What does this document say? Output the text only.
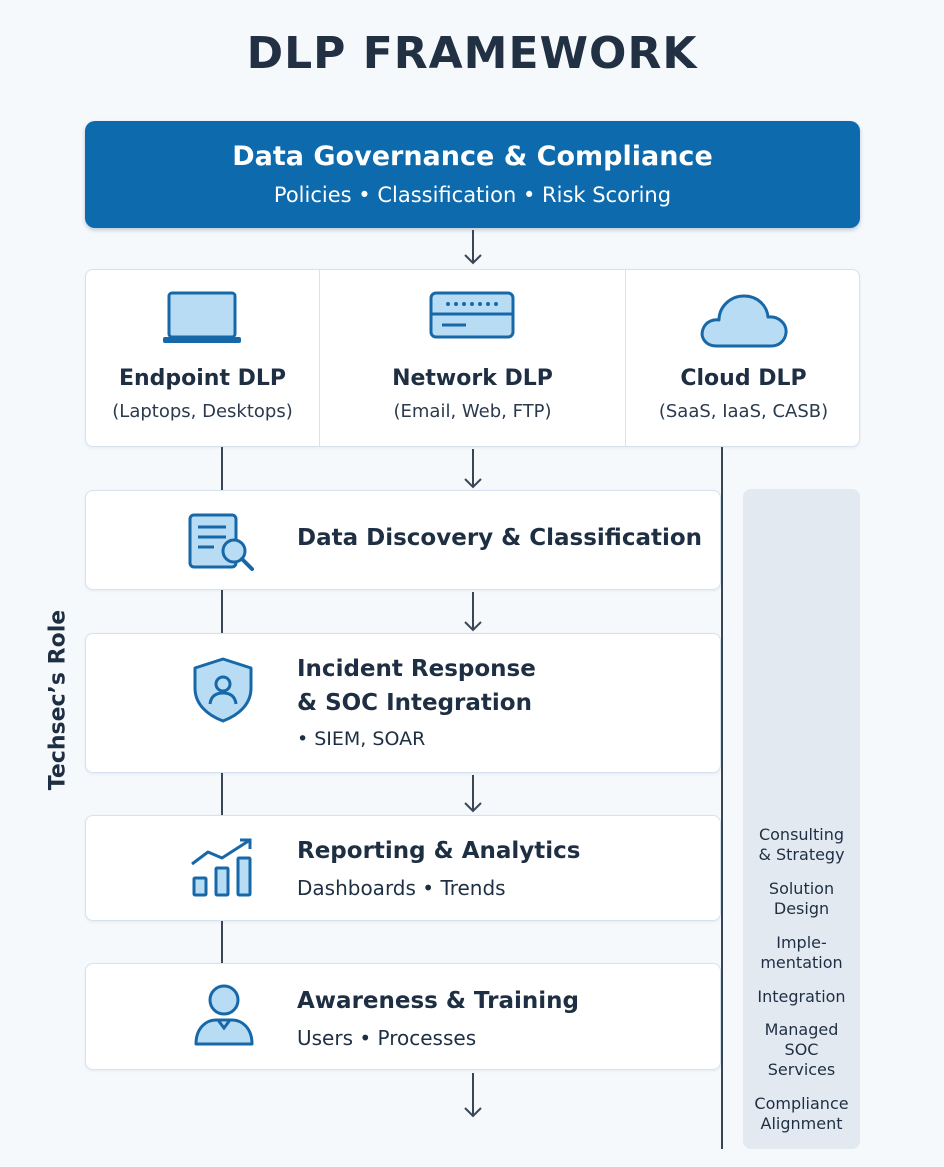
DLP FRAMEWORK
Data Governance & Compliance
Policies • Classification • Risk Scoring
Endpoint DLP
(Laptops, Desktops)
Network DLP
(Email, Web, FTP)
Cloud DLP
(SaaS, IaaS, CASB)
Data Discovery & Classification
Incident Response
& SOC Integration
• SIEM, SOAR
Reporting & Analytics
Dashboards • Trends
Awareness & Training
Users • Processes
Techsec’s Role
Consulting
& Strategy
Solution
Design
Imple-
mentation
Integration
Managed
SOC
Services
Compliance
Alignment
